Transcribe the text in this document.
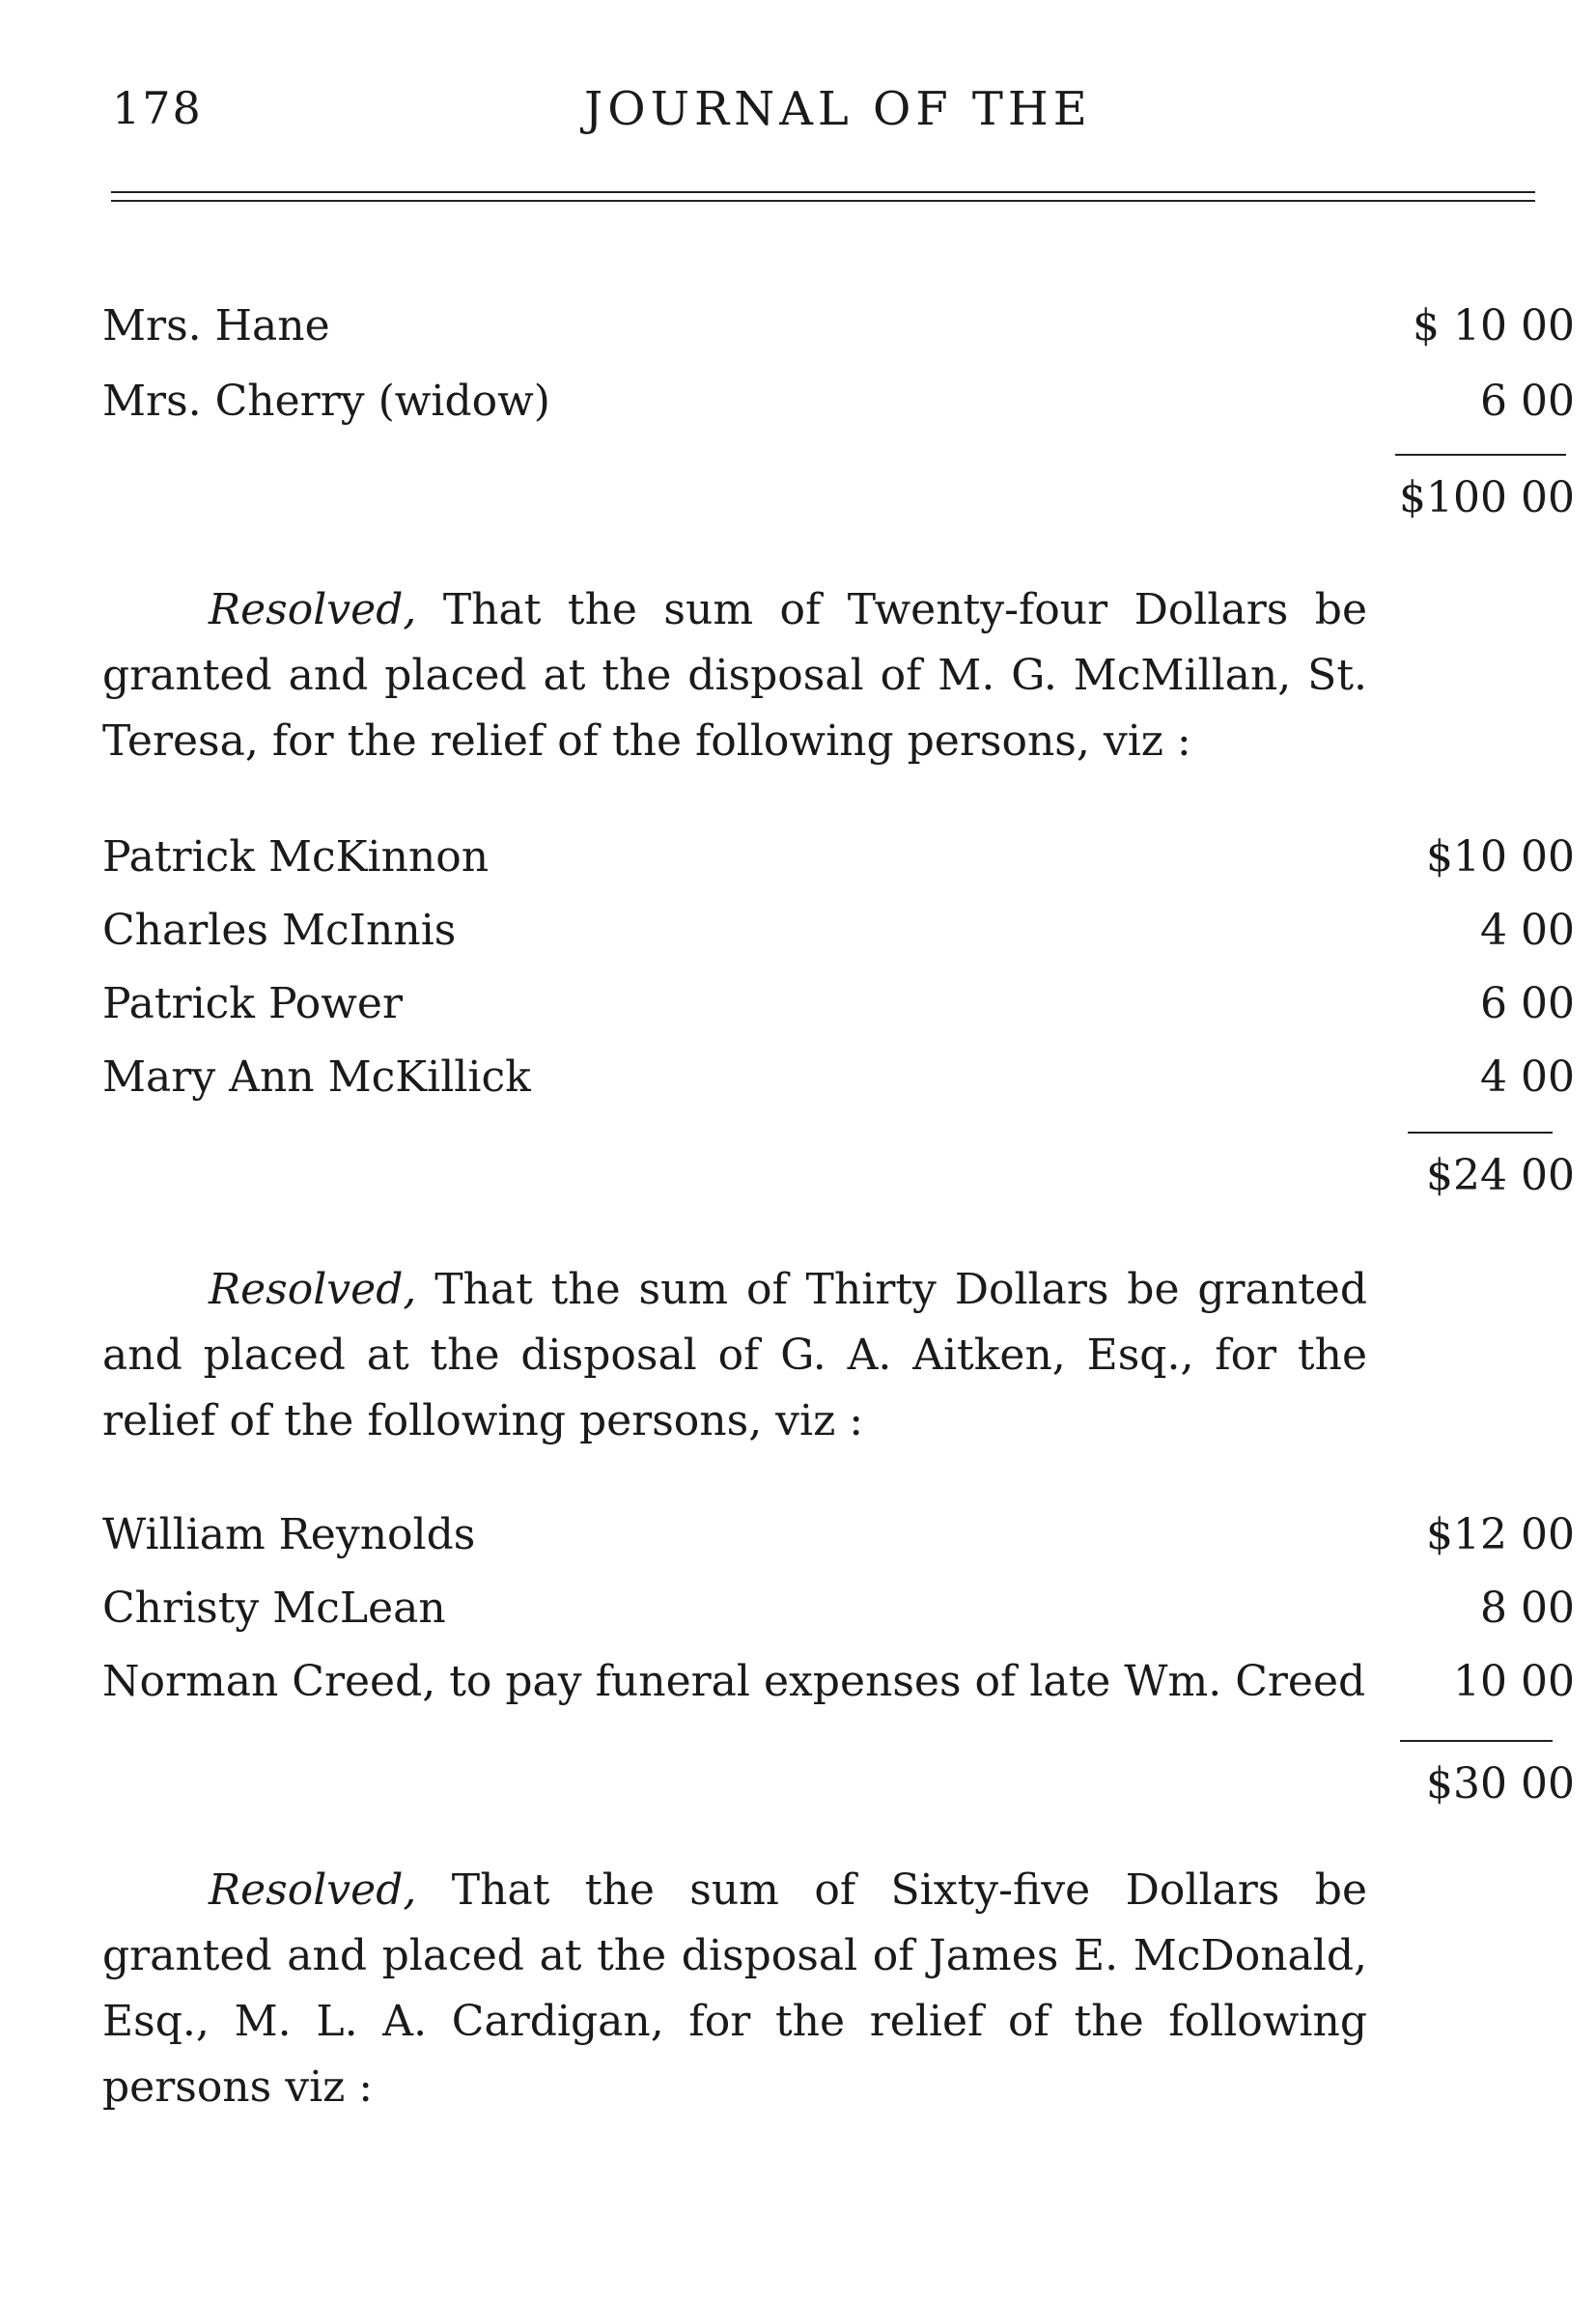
178	JOURNAL OF THE
Mrs. Hane	$ 10 00
Mrs. Cherry (widow)	6 00
$100 00
Resolved, That the sum of Twenty-four Dollars be granted and placed at the disposal of M. G. McMillan, St. Teresa, for the relief of the following persons, viz :
Patrick McKinnon	$10 00
Charles McInnis	4 00
Patrick Power	6 00
Mary Ann McKillick	4 00
$24 00
Resolved, That the sum of Thirty Dollars be granted and placed at the disposal of G. A. Aitken, Esq., for the relief of the following persons, viz :
William Reynolds	$12 00
Christy McLean	8 00
Norman Creed, to pay funeral expenses of late Wm. Creed	10 00
$30 00
Resolved, That the sum of Sixty-five Dollars be granted and placed at the disposal of James E. McDonald, Esq., M. L. A. Cardigan, for the relief of the following persons viz :
